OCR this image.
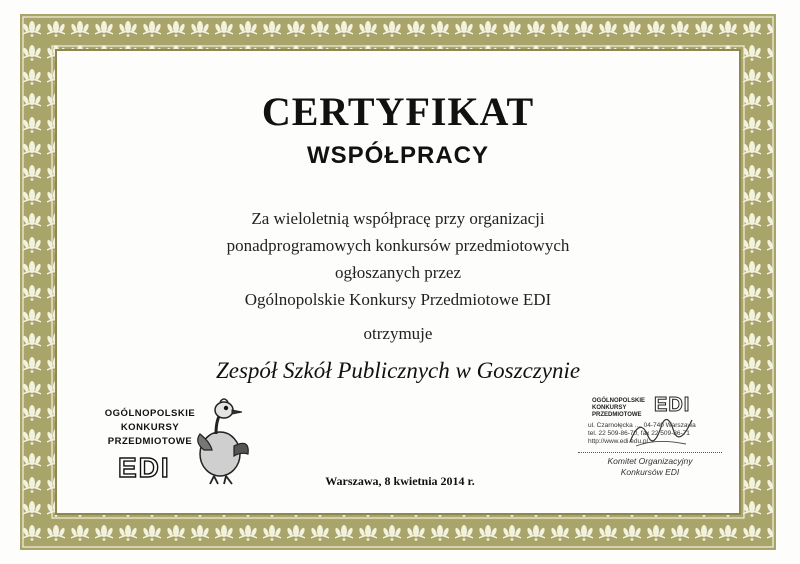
CERTYFIKAT
WSPÓŁPRACY
Za wieloletnią współpracę przy organizacji
ponadprogramowych konkursów przedmiotowych
ogłoszanych przez
Ogólnopolskie Konkursy Przedmiotowe EDI
otrzymuje
Zespół Szkół Publicznych w Goszczynie
OGÓLNOPOLSKIE
KONKURSY
PRZEDMIOTOWE
EDI	Warszawa, 8 kwietnia 2014 r.
OGÓLNOPOLSKIE
KONKURSY
PRZEDMIOTOWE EDI
ul. Czarnołęcka ..., 04-740 Warszawa
tel. 22 509-86-70, fax 22 509-86-71
http://www.edi.edu.pl
Komitet Organizacyjny
Konkursów EDI
